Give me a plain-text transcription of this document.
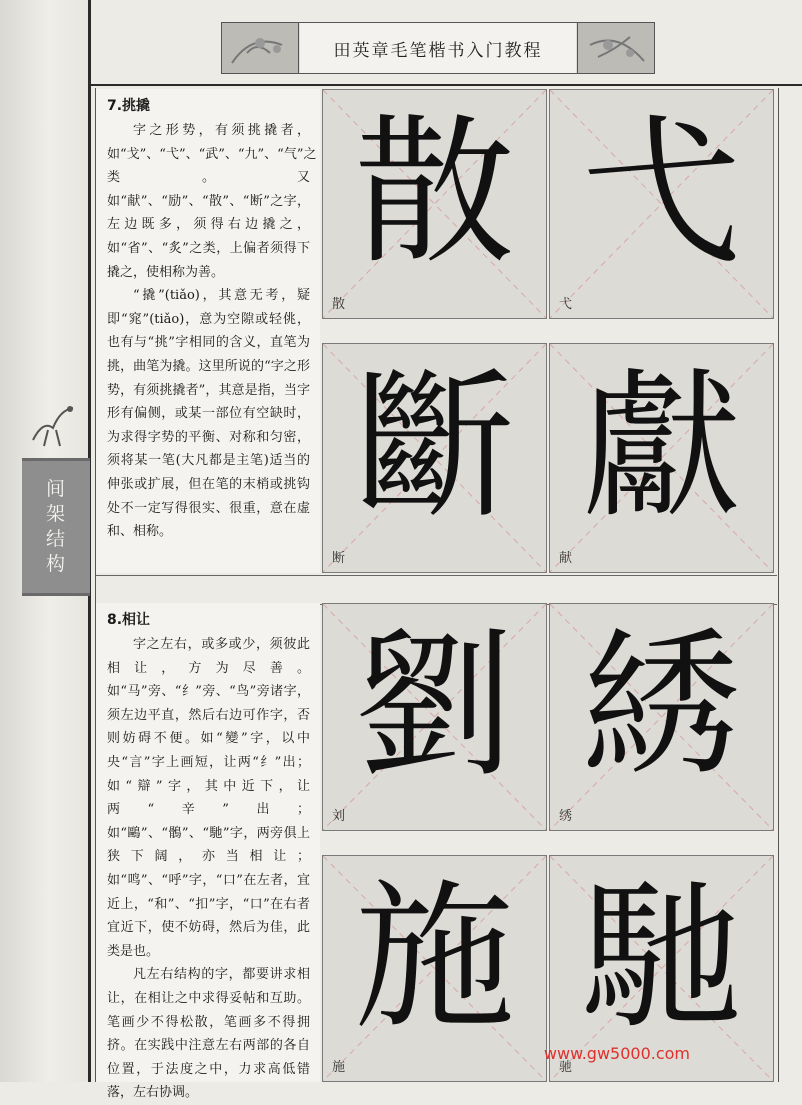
间
架
结
构
田英章毛笔楷书入门教程
7.挑撬

字之形势，有须挑撬者，如“戈”、“弋”、“武”、“九”、“气”之类。又如“献”、“励”、“散”、“断”之字，左边既多，须得右边撬之，如“省”、“炙”之类，上偏者须得下撬之，使相称为善。

“撬”(tiǎo)，其意无考，疑即“窕”(tiǎo)，意为空隙或轻佻，也有与“挑”字相同的含义，直笔为挑，曲笔为撬。这里所说的“字之形势，有须挑撬者”，其意是指，当字形有偏侧，或某一部位有空缺时，为求得字势的平衡、对称和匀密，须将某一笔(大凡都是主笔)适当的伸张或扩展，但在笔的末梢或挑钩处不一定写得很实、很重，意在虚和、相称。

8.相让

字之左右，或多或少，须彼此相让，方为尽善。如“马”旁、“纟”旁、“鸟”旁诸字，须左边平直，然后右边可作字，否则妨碍不便。如“變”字，以中央“言”字上画短，让两“纟”出；如“辯”字，其中近下，让两“辛”出；如“鷗”、“鶻”、“馳”字，两旁俱上狭下阔，亦当相让；如“鸣”、“呼”字，“口”在左者，宜近上，“和”、“扣”字，“口”在右者宜近下，使不妨碍，然后为佳，此类是也。

凡左右结构的字，都要讲求相让，在相让之中求得妥帖和互助。笔画少不得松散，笔画多不得拥挤。在实践中注意左右两部的各自位置，于法度之中，力求高低错落，左右协调。

散
散
弋
弋
斷
断
獻
献
劉
刘
綉
绣
施
施
馳
驰
www.gw5000.com
